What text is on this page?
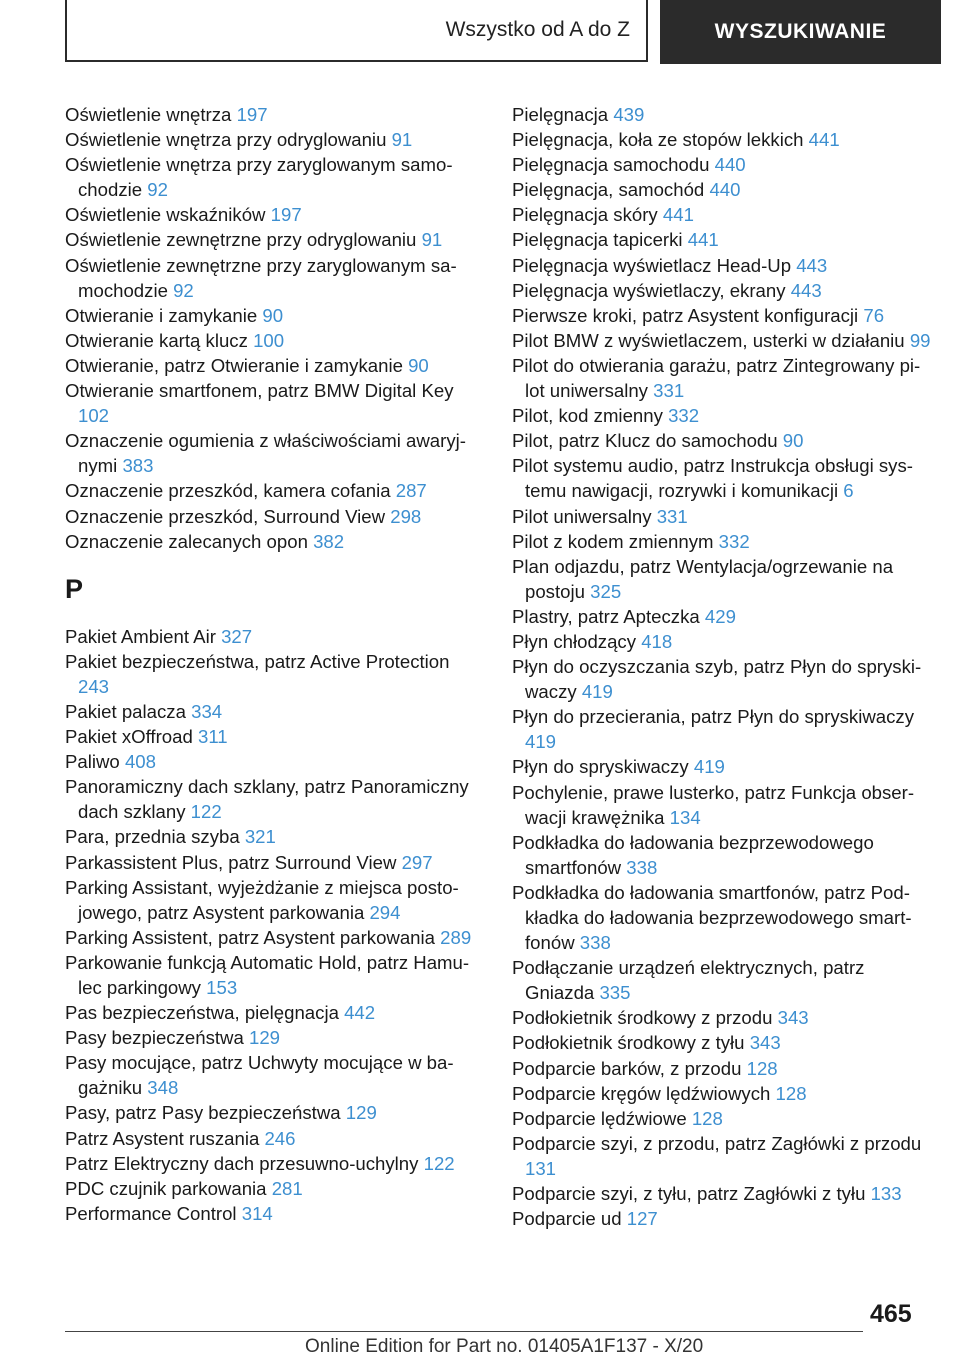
Wszystko od A do Z	WYSZUKIWANIE
Oświetlenie wnętrza 197
Oświetlenie wnętrza przy odryglowaniu 91
Oświetlenie wnętrza przy zaryglowanym samochodzie 92
Oświetlenie wskaźników 197
Oświetlenie zewnętrzne przy odryglowaniu 91
Oświetlenie zewnętrzne przy zaryglowanym samochodzie 92
Otwieranie i zamykanie 90
Otwieranie kartą klucz 100
Otwieranie, patrz Otwieranie i zamykanie 90
Otwieranie smartfonem, patrz BMW Digital Key 102
Oznaczenie ogumienia z właściwościami awaryjnymi 383
Oznaczenie przeszkód, kamera cofania 287
Oznaczenie przeszkód, Surround View 298
Oznaczenie zalecanych opon 382
P
Pakiet Ambient Air 327
Pakiet bezpieczeństwa, patrz Active Protection 243
Pakiet palacza 334
Pakiet xOffroad 311
Paliwo 408
Panoramiczny dach szklany, patrz Panoramiczny dach szklany 122
Para, przednia szyba 321
Parkassistent Plus, patrz Surround View 297
Parking Assistant, wyjeżdżanie z miejsca postojowego, patrz Asystent parkowania 294
Parking Assistent, patrz Asystent parkowania 289
Parkowanie funkcją Automatic Hold, patrz Hamulec parkingowy 153
Pas bezpieczeństwa, pielęgnacja 442
Pasy bezpieczeństwa 129
Pasy mocujące, patrz Uchwyty mocujące w bagażniku 348
Pasy, patrz Pasy bezpieczeństwa 129
Patrz Asystent ruszania 246
Patrz Elektryczny dach przesuwno-uchylny 122
PDC czujnik parkowania 281
Performance Control 314
Pielęgnacja 439
Pielęgnacja, koła ze stopów lekkich 441
Pielęgnacja samochodu 440
Pielęgnacja, samochód 440
Pielęgnacja skóry 441
Pielęgnacja tapicerki 441
Pielęgnacja wyświetlacz Head-Up 443
Pielęgnacja wyświetlaczy, ekrany 443
Pierwsze kroki, patrz Asystent konfiguracji 76
Pilot BMW z wyświetlaczem, usterki w działaniu 99
Pilot do otwierania garażu, patrz Zintegrowany pilot uniwersalny 331
Pilot, kod zmienny 332
Pilot, patrz Klucz do samochodu 90
Pilot systemu audio, patrz Instrukcja obsługi systemu nawigacji, rozrywki i komunikacji 6
Pilot uniwersalny 331
Pilot z kodem zmiennym 332
Plan odjazdu, patrz Wentylacja/ogrzewanie na postoju 325
Plastry, patrz Apteczka 429
Płyn chłodzący 418
Płyn do oczyszczania szyb, patrz Płyn do spryskiwaczy 419
Płyn do przecierania, patrz Płyn do spryskiwaczy 419
Płyn do spryskiwaczy 419
Pochylenie, prawe lusterko, patrz Funkcja obserwacji krawężnika 134
Podkładka do ładowania bezprzewodowego smartfonów 338
Podkładka do ładowania smartfonów, patrz Podkładka do ładowania bezprzewodowego smartfonów 338
Podłączanie urządzeń elektrycznych, patrz Gniazda 335
Podłokietnik środkowy z przodu 343
Podłokietnik środkowy z tyłu 343
Podparcie barków, z przodu 128
Podparcie kręgów lędźwiowych 128
Podparcie lędźwiowe 128
Podparcie szyi, z przodu, patrz Zagłówki z przodu 131
Podparcie szyi, z tyłu, patrz Zagłówki z tyłu 133
Podparcie ud 127
465
Online Edition for Part no. 01405A1F137 - X/20
